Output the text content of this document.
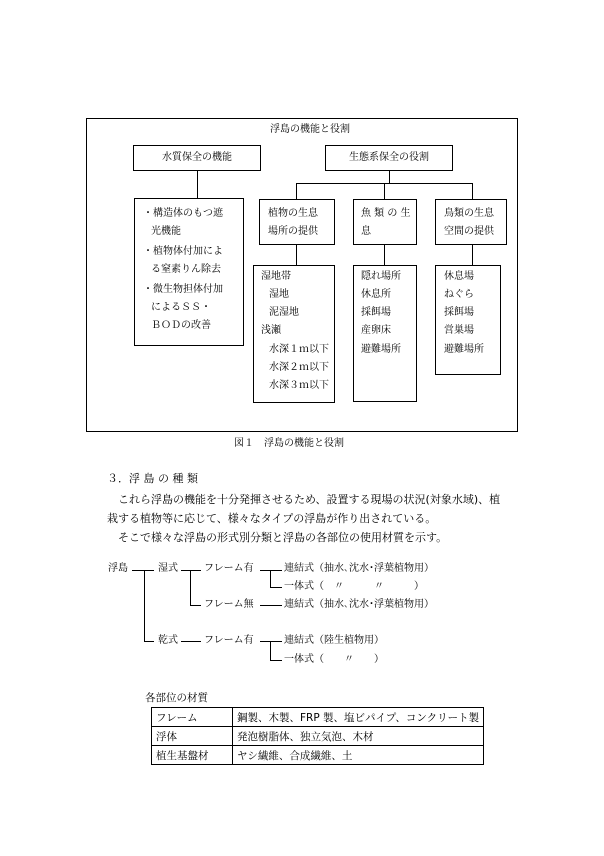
浮島の機能と役割
水質保全の機能	生態系保全の役割
・構造体のもつ遮
光機能
・植物体付加によ
る窒素りん除去
・微生物担体付加
によるＳＳ・
ＢＯＤの改善
植物の生息
場所の提供
湿地帯
湿地
泥湿地
浅瀬
水深１ｍ以下
水深２ｍ以下
水深３ｍ以下
魚 類 の 生
息
隠れ場所
休息所
採餌場
産卵床
避難場所
鳥類の生息
空間の提供
休息場
ねぐら
採餌場
営巣場
避難場所
図１　浮島の機能と役割
３．浮 島 の 種 類
これら浮島の機能を十分発揮させるため、設置する現場の状況(対象水域)、植
栽する植物等に応じて、様々なタイプの浮島が作り出されている。
そこで様々な浮島の形式別分類と浮島の各部位の使用材質を示す。
浮島	湿式	フレーム有	連結式（抽水､沈水･浮葉植物用）
一体式（　〃　　　〃　　　）
フレーム無	連結式（抽水､沈水･浮葉植物用）
乾式	フレーム有	連結式（陸生植物用）
一体式（　　〃　　）
各部位の材質
フレーム	鋼製、木製、FRP 製、塩ビパイプ、コンクリート製
浮体	発泡樹脂体、独立気泡、木材
植生基盤材	ヤシ繊維、合成繊維、土
